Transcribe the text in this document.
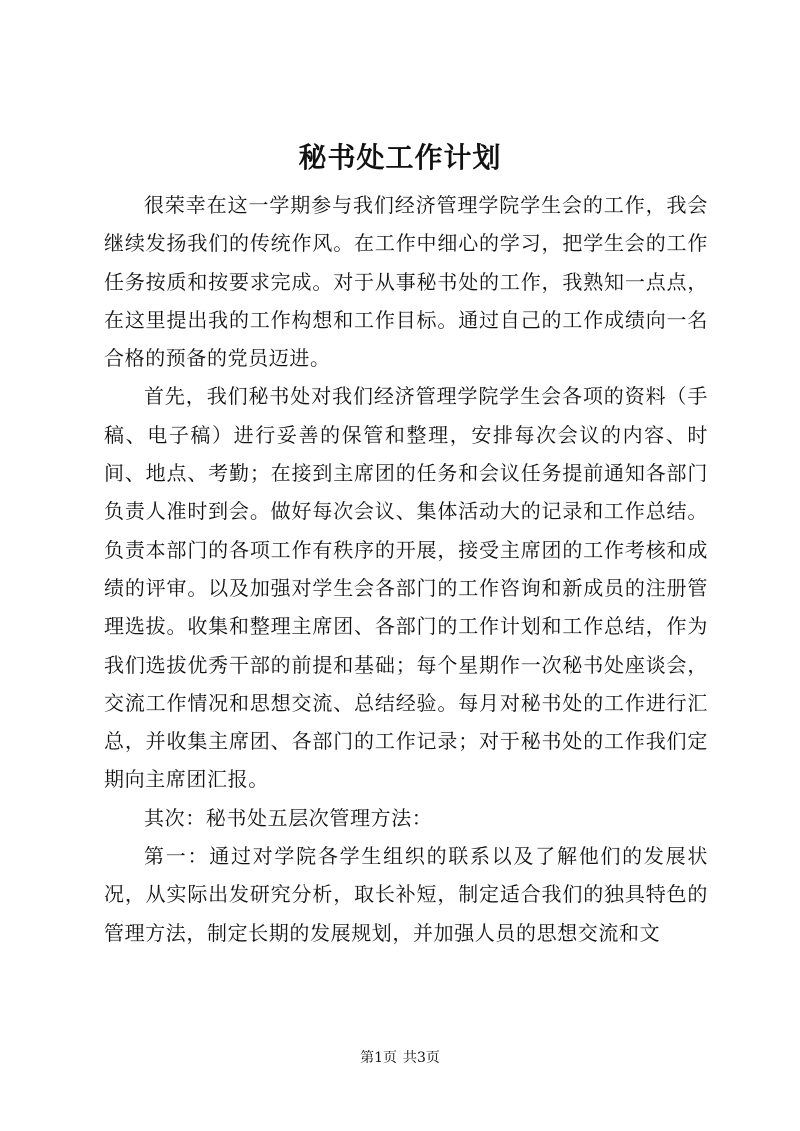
秘书处工作计划

很荣幸在这一学期参与我们经济管理学院学生会的工作，我会继续发扬我们的传统作风。在工作中细心的学习，把学生会的工作任务按质和按要求完成。对于从事秘书处的工作，我熟知一点点，在这里提出我的工作构想和工作目标。通过自己的工作成绩向一名合格的预备的党员迈进。

首先，我们秘书处对我们经济管理学院学生会各项的资料（手稿、电子稿）进行妥善的保管和整理，安排每次会议的内容、时间、地点、考勤；在接到主席团的任务和会议任务提前通知各部门负责人准时到会。做好每次会议、集体活动大的记录和工作总结。负责本部门的各项工作有秩序的开展，接受主席团的工作考核和成绩的评审。以及加强对学生会各部门的工作咨询和新成员的注册管理选拔。收集和整理主席团、各部门的工作计划和工作总结，作为我们选拔优秀干部的前提和基础；每个星期作一次秘书处座谈会，交流工作情况和思想交流、总结经验。每月对秘书处的工作进行汇总，并收集主席团、各部门的工作记录；对于秘书处的工作我们定期向主席团汇报。

其次：秘书处五层次管理方法：

第一：通过对学院各学生组织的联系以及了解他们的发展状况，从实际出发研究分析，取长补短，制定适合我们的独具特色的管理方法，制定长期的发展规划，并加强人员的思想交流和文

第1页 共3页
